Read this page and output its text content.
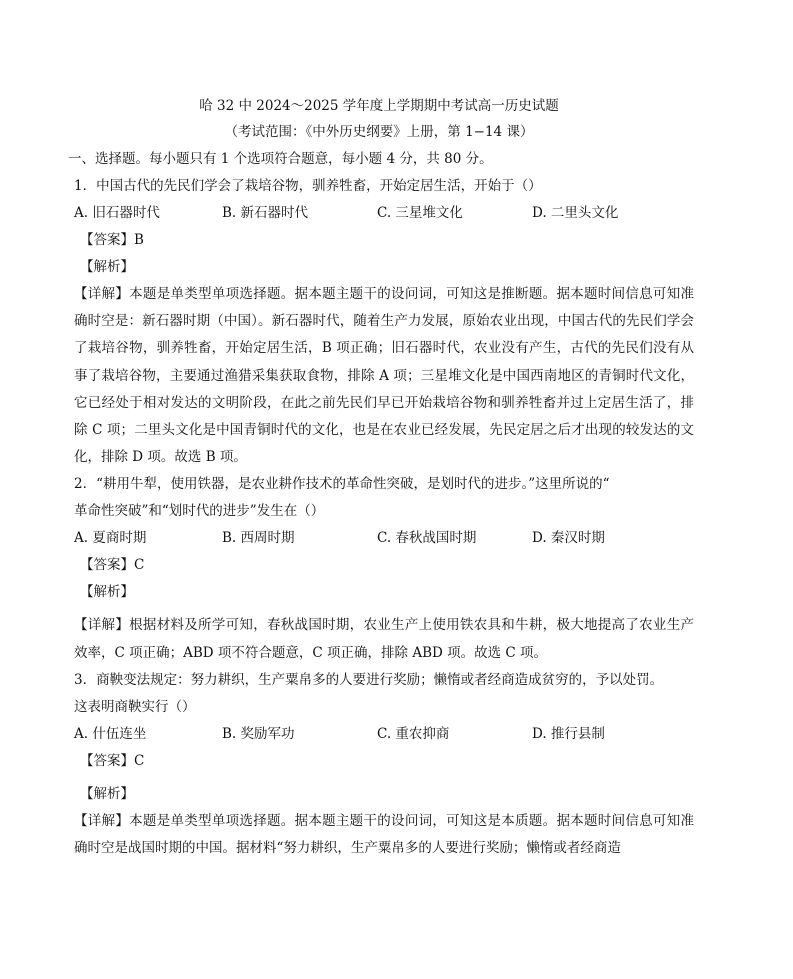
哈 32 中 2024～2025 学年度上学期期中考试高一历史试题
（考试范围：《中外历史纲要》上册，第 1−14 课）
一、选择题。每小题只有 1 个选项符合题意，每小题 4 分，共 80 分。
1．中国古代的先民们学会了栽培谷物，驯养牲畜，开始定居生活，开始于（）
A. 旧石器时代	B. 新石器时代	C. 三星堆文化	D. 二里头文化
【答案】B
【解析】
【详解】本题是单类型单项选择题。据本题主题干的设问词，可知这是推断题。据本题时间信息可知准确时空是：新石器时期（中国）。新石器时代，随着生产力发展，原始农业出现，中国古代的先民们学会了栽培谷物，驯养牲畜，开始定居生活，B 项正确；旧石器时代，农业没有产生，古代的先民们没有从事了栽培谷物，主要通过渔猎采集获取食物，排除 A 项；三星堆文化是中国西南地区的青铜时代文化，它已经处于相对发达的文明阶段，在此之前先民们早已开始栽培谷物和驯养牲畜并过上定居生活了，排除 C 项；二里头文化是中国青铜时代的文化，也是在农业已经发展，先民定居之后才出现的较发达的文化，排除 D 项。故选 B 项。
2．“耕用牛犁，使用铁器，是农业耕作技术的革命性突破，是划时代的进步。”这里所说的“
革命性突破”和“划时代的进步”发生在（）
A. 夏商时期	B. 西周时期	C. 春秋战国时期	D. 秦汉时期
【答案】C
【解析】
【详解】根据材料及所学可知，春秋战国时期，农业生产上使用铁农具和牛耕，极大地提高了农业生产效率，C 项正确；ABD 项不符合题意，C 项正确，排除 ABD 项。故选 C 项。
3．商鞅变法规定：努力耕织，生产粟帛多的人要进行奖励；懒惰或者经商造成贫穷的，予以处罚。
这表明商鞅实行（）
A. 什伍连坐	B. 奖励军功	C. 重农抑商	D. 推行县制
【答案】C
【解析】
【详解】本题是单类型单项选择题。据本题主题干的设问词，可知这是本质题。据本题时间信息可知准确时空是战国时期的中国。据材料“努力耕织，生产粟帛多的人要进行奖励；懒惰或者经商造
